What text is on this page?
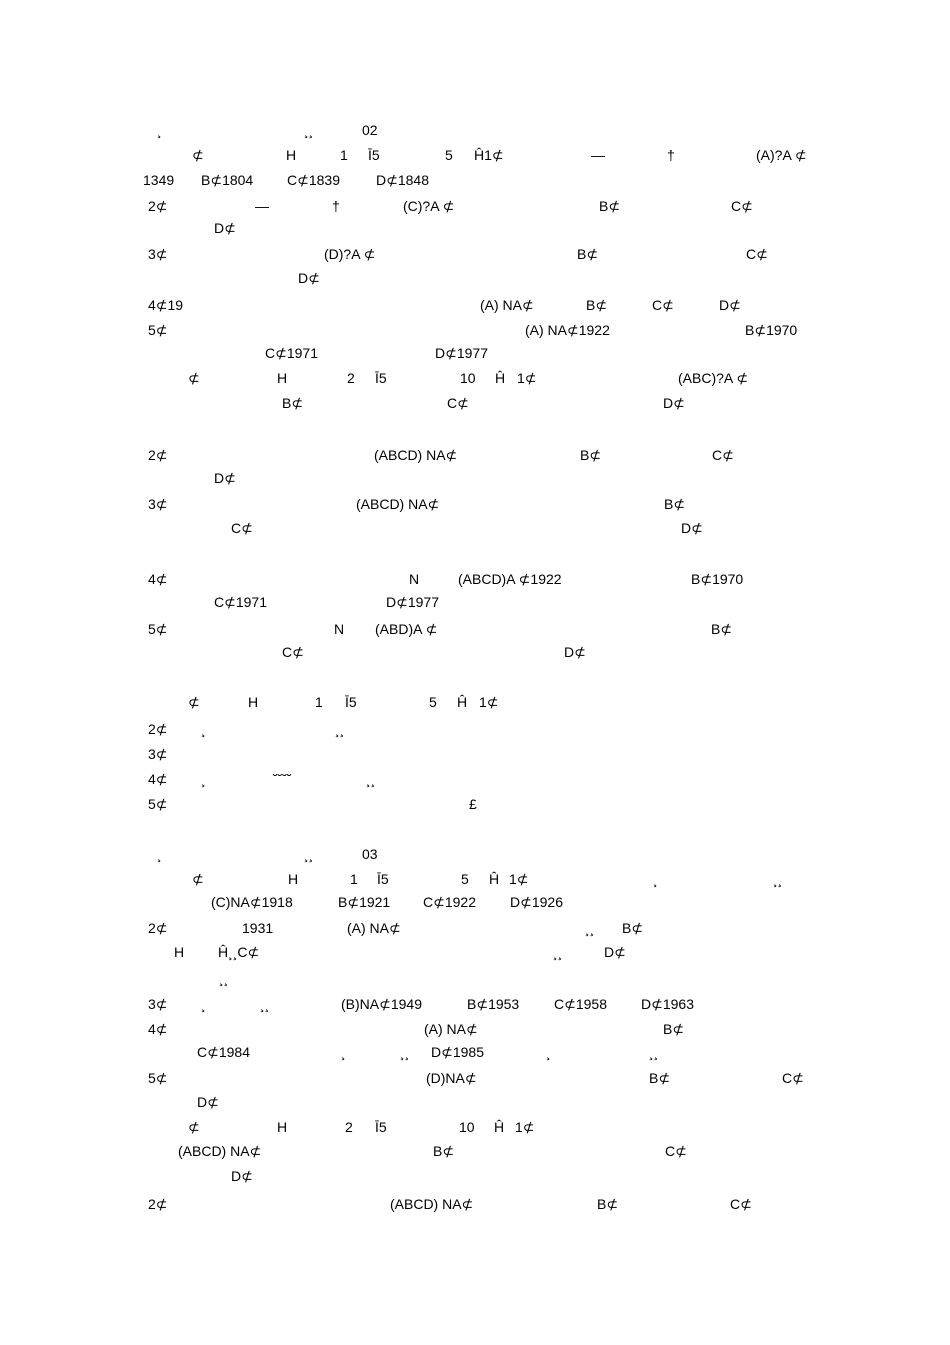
¸	¸¸	02
⊄	H	1 Ī5	5 Ĥ1⊄	—	†	(A)?A ⊄
1349 B⊄1804 C⊄1839	D⊄1848
2⊄	—	†	(C)?A ⊄	B⊄	C⊄
D⊄
3⊄	(D)?A ⊄	B⊄	C⊄
D⊄
4⊄19	(A) NA⊄	B⊄	C⊄	D⊄
5⊄	(A) NA⊄1922	B⊄1970
C⊄1971	D⊄1977
⊄	H	2 Ī5	10 Ĥ 1⊄	(ABC)?A ⊄
B⊄	C⊄	D⊄
2⊄	(ABCD) NA⊄	B⊄	C⊄
D⊄
3⊄	(ABCD) NA⊄	B⊄
C⊄	D⊄
4⊄	N	(ABCD)A ⊄1922	B⊄1970
C⊄1971	D⊄1977
5⊄	N (ABD)A ⊄	B⊄
C⊄	D⊄
⊄	H	1 Ī5	5 Ĥ 1⊄
2⊄ ¸	¸¸
3⊄
4⊄ ¸	˘˘˘˘	¸¸
5⊄	£
¸	¸¸	03
⊄	H	1 Ī5	5 Ĥ 1⊄	¸	¸¸
(C)NA⊄1918	B⊄1921 C⊄1922 D⊄1926
2⊄	1931	(A) NA⊄	¸¸ B⊄
H Ĥ¸¸C⊄	¸¸	D⊄
¸¸
3⊄ ¸	¸¸	(B)NA⊄1949	B⊄1953 C⊄1958 D⊄1963
4⊄	(A) NA⊄	B⊄
C⊄1984	¸	¸¸ D⊄1985	¸	¸¸
5⊄	(D)NA⊄	B⊄	C⊄
D⊄
⊄	H	2 Ī5	10 Ĥ 1⊄
(ABCD) NA⊄	B⊄	C⊄
D⊄
2⊄	(ABCD) NA⊄	B⊄	C⊄
